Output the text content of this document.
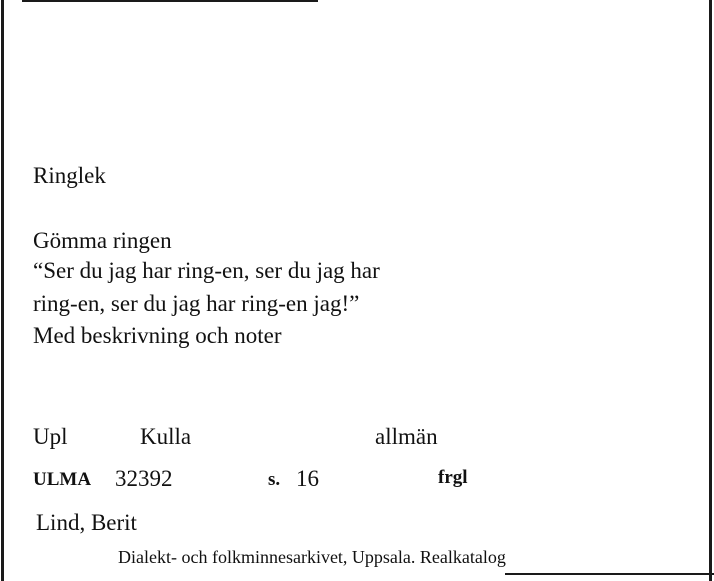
Ringlek
Gömma ringen
“Ser du jag har ring-en, ser du jag har
ring-en, ser du jag har ring-en jag!”
Med beskrivning och noter
Upl	Kulla	allmän
ULMA 32392	s. 16	frgl
Lind, Berit
Dialekt- och folkminnesarkivet, Uppsala. Realkatalog
